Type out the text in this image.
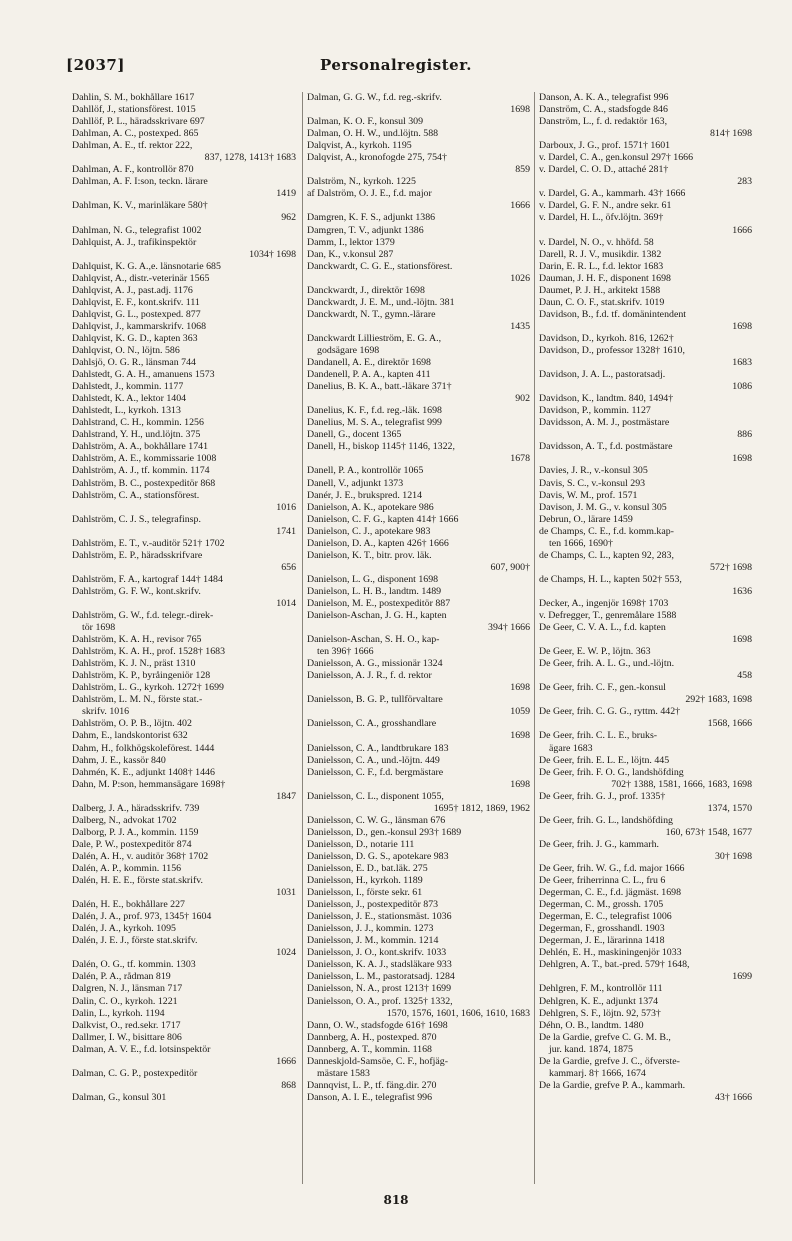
[2037]	Personalregister.
Dahlin, S. M., bokhållare 1617
Dahllöf, J., stationsförest. 1015
Dahllöf, P. L., häradsskrivare 697
Dahlman, A. C., postexped. 865
Dahlman, A. E., tf. rektor 222,
837, 1278, 1413† 1683
Dahlman, A. F., kontrollör 870
Dahlman, A. F. I:son, teckn. lärare
1419
Dahlman, K. V., marinläkare 580†
962
Dahlman, N. G., telegrafist 1002
Dahlquist, A. J., trafikinspektör
1034† 1698
Dahlquist, K. G. A.,e. länsnotarie 685
Dahlqvist, A., distr.-veterinär 1565
Dahlqvist, A. J., past.adj. 1176
Dahlqvist, E. F., kont.skrifv. 111
Dahlqvist, G. L., postexped. 877
Dahlqvist, J., kammarskrifv. 1068
Dahlqvist, K. G. D., kapten 363
Dahlqvist, O. N., löjtn. 586
Dahlsjö, O. G. R., länsman 744
Dahlstedt, G. A. H., amanuens 1573
Dahlstedt, J., kommin. 1177
Dahlstedt, K. A., lektor 1404
Dahlstedt, L., kyrkoh. 1313
Dahlstrand, C. H., kommin. 1256
Dahlstrand, Y. H., und.löjtn. 375
Dahlström, A. A., bokhållare 1741
Dahlström, A. E., kommissarie 1008
Dahlström, A. J., tf. kommin. 1174
Dahlström, B. C., postexpeditör 868
Dahlström, C. A., stationsförest.
1016
Dahlström, C. J. S., telegrafinsp.
1741
Dahlström, E. T., v.-auditör 521† 1702
Dahlström, E. P., häradsskrifvare
656
Dahlström, F. A., kartograf 144† 1484
Dahlström, G. F. W., kont.skrifv.
1014
Dahlström, G. W., f.d. telegr.-direk-
tör 1698
Dahlström, K. A. H., revisor 765
Dahlström, K. A. H., prof. 1528† 1683
Dahlström, K. J. N., präst 1310
Dahlström, K. P., byråingeniör 128
Dahlström, L. G., kyrkoh. 1272† 1699
Dahlström, L. M. N., förste stat.-
skrifv. 1016
Dahlström, O. P. B., löjtn. 402
Dahm, E., landskontorist 632
Dahm, H., folkhögskoleförest. 1444
Dahm, J. E., kassör 840
Dahmén, K. E., adjunkt 1408† 1446
Dahn, M. P:son, hemmansägare 1698†
1847
Dalberg, J. A., häradsskrifv. 739
Dalberg, N., advokat 1702
Dalborg, P. J. A., kommin. 1159
Dale, P. W., postexpeditör 874
Dalén, A. H., v. auditör 368† 1702
Dalén, A. P., kommin. 1156
Dalén, H. E. E., förste stat.skrifv.
1031
Dalén, H. E., bokhållare 227
Dalén, J. A., prof. 973, 1345† 1604
Dalén, J. A., kyrkoh. 1095
Dalén, J. E. J., förste stat.skrifv.
1024
Dalén, O. G., tf. kommin. 1303
Dalén, P. A., rådman 819
Dalgren, N. J., länsman 717
Dalin, C. O., kyrkoh. 1221
Dalin, L., kyrkoh. 1194
Dalkvist, O., red.sekr. 1717
Dallmer, I. W., bisittare 806
Dalman, A. V. E., f.d. lotsinspektör
1666
Dalman, C. G. P., postexpeditör
868
Dalman, G., konsul 301
Dalman, G. G. W., f.d. reg.-skrifv.
1698
Dalman, K. O. F., konsul 309
Dalman, O. H. W., und.löjtn. 588
Dalqvist, A., kyrkoh. 1195
Dalqvist, A., kronofogde 275, 754†
859
Dalström, N., kyrkoh. 1225
af Dalström, O. J. E., f.d. major
1666
Damgren, K. F. S., adjunkt 1386
Damgren, T. V., adjunkt 1386
Damm, I., lektor 1379
Dan, K., v.konsul 287
Danckwardt, C. G. E., stationsförest.
1026
Danckwardt, J., direktör 1698
Danckwardt, J. E. M., und.-löjtn. 381
Danckwardt, N. T., gymn.-lärare
1435
Danckwardt Lillieström, E. G. A.,
godsägare 1698
Dandanell, A. E., direktör 1698
Dandenell, P. A. A., kapten 411
Danelius, B. K. A., batt.-läkare 371†
902
Danelius, K. F., f.d. reg.-läk. 1698
Danelius, M. S. A., telegrafist 999
Danell, G., docent 1365
Danell, H., biskop 1145† 1146, 1322,
1678
Danell, P. A., kontrollör 1065
Danell, V., adjunkt 1373
Danér, J. E., brukspred. 1214
Danielson, A. K., apotekare 986
Danielson, C. F. G., kapten 414† 1666
Danielson, C. J., apotekare 983
Danielson, D. A., kapten 426† 1666
Danielson, K. T., bitr. prov. läk.
607, 900†
Danielson, L. G., disponent 1698
Danielson, L. H. B., landtm. 1489
Danielson, M. E., postexpeditör 887
Danielson-Aschan, J. G. H., kapten
394† 1666
Danielson-Aschan, S. H. O., kap-
ten 396† 1666
Danielsson, A. G., missionär 1324
Danielsson, A. J. R., f. d. rektor
1698
Danielsson, B. G. P., tullförvaltare
1059
Danielsson, C. A., grosshandlare
1698
Danielsson, C. A., landtbrukare 183
Danielsson, C. A., und.-löjtn. 449
Danielsson, C. F., f.d. bergmästare
1698
Danielsson, C. L., disponent 1055,
1695† 1812, 1869, 1962
Danielsson, C. W. G., länsman 676
Danielsson, D., gen.-konsul 293† 1689
Danielsson, D., notarie 111
Danielsson, D. G. S., apotekare 983
Danielsson, E. D., bat.läk. 275
Danielsson, H., kyrkoh. 1189
Danielsson, I., förste sekr. 61
Danielsson, J., postexpeditör 873
Danielsson, J. E., stationsmäst. 1036
Danielsson, J. J., kommin. 1273
Danielsson, J. M., kommin. 1214
Danielsson, J. O., kont.skrifv. 1033
Danielsson, K. A. J., stadsläkare 933
Danielsson, L. M., pastoratsadj. 1284
Danielsson, N. A., prost 1213† 1699
Danielsson, O. A., prof. 1325† 1332,
1570, 1576, 1601, 1606, 1610, 1683
Dann, O. W., stadsfogde 616† 1698
Dannberg, A. H., postexped. 870
Dannberg, A. T., kommin. 1168
Danneskjold-Samsöe, C. F., hofjäg-
mästare 1583
Dannqvist, L. P., tf. fäng.dir. 270
Danson, A. I. E., telegrafist 996
Danson, A. K. A., telegrafist 996
Danström, C. A., stadsfogde 846
Danström, L., f. d. redaktör 163,
814† 1698
Darboux, J. G., prof. 1571† 1601
v. Dardel, C. A., gen.konsul 297† 1666
v. Dardel, C. O. D., attaché 281†
283
v. Dardel, G. A., kammarh. 43† 1666
v. Dardel, G. F. N., andre sekr. 61
v. Dardel, H. L., öfv.löjtn. 369†
1666
v. Dardel, N. O., v. hhöfd. 58
Darell, R. J. V., musikdir. 1382
Darin, E. R. L., f.d. lektor 1683
Dauman, J. H. F., disponent 1698
Daumet, P. J. H., arkitekt 1588
Daun, C. O. F., stat.skrifv. 1019
Davidson, B., f.d. tf. domänintendent
1698
Davidson, D., kyrkoh. 816, 1262†
Davidson, D., professor 1328† 1610,
1683
Davidson, J. A. L., pastoratsadj.
1086
Davidson, K., landtm. 840, 1494†
Davidson, P., kommin. 1127
Davidsson, A. M. J., postmästare
886
Davidsson, A. T., f.d. postmästare
1698
Davies, J. R., v.-konsul 305
Davis, S. C., v.-konsul 293
Davis, W. M., prof. 1571
Davison, J. M. G., v. konsul 305
Debrun, O., lärare 1459
de Champs, C. E., f.d. komm.kap-
ten 1666, 1690†
de Champs, C. L., kapten 92, 283,
572† 1698
de Champs, H. L., kapten 502† 553,
1636
Decker, A., ingenjör 1698† 1703
v. Defregger, T., genremålare 1588
De Geer, C. V. A. L., f.d. kapten
1698
De Geer, E. W. P., löjtn. 363
De Geer, frih. A. L. G., und.-löjtn.
458
De Geer, frih. C. F., gen.-konsul
292† 1683, 1698
De Geer, frih. C. G. G., ryttm. 442†
1568, 1666
De Geer, frih. C. L. E., bruks-
ägare 1683
De Geer, frih. E. L. E., löjtn. 445
De Geer, frih. F. O. G., landshöfding
702† 1388, 1581, 1666, 1683, 1698
De Geer, frih. G. J., prof. 1335†
1374, 1570
De Geer, frih. G. L., landshöfding
160, 673† 1548, 1677
De Geer, frih. J. G., kammarh.
30† 1698
De Geer, frih. W. G., f.d. major 1666
De Geer, friherrinna C. L., fru 6
Degerman, C. E., f.d. jägmäst. 1698
Degerman, C. M., grossh. 1705
Degerman, E. C., telegrafist 1006
Degerman, F., grosshandl. 1903
Degerman, J. E., lärarinna 1418
Dehlén, E. H., maskiningenjör 1033
Dehlgren, A. T., bat.-pred. 579† 1648,
1699
Dehlgren, F. M., kontrollör 111
Dehlgren, K. E., adjunkt 1374
Dehlgren, S. F., löjtn. 92, 573†
Déhn, O. B., landtm. 1480
De la Gardie, grefve C. G. M. B.,
jur. kand. 1874, 1875
De la Gardie, grefve J. C., öfverste-
kammarj. 8† 1666, 1674
De la Gardie, grefve P. A., kammarh.
43† 1666
818
